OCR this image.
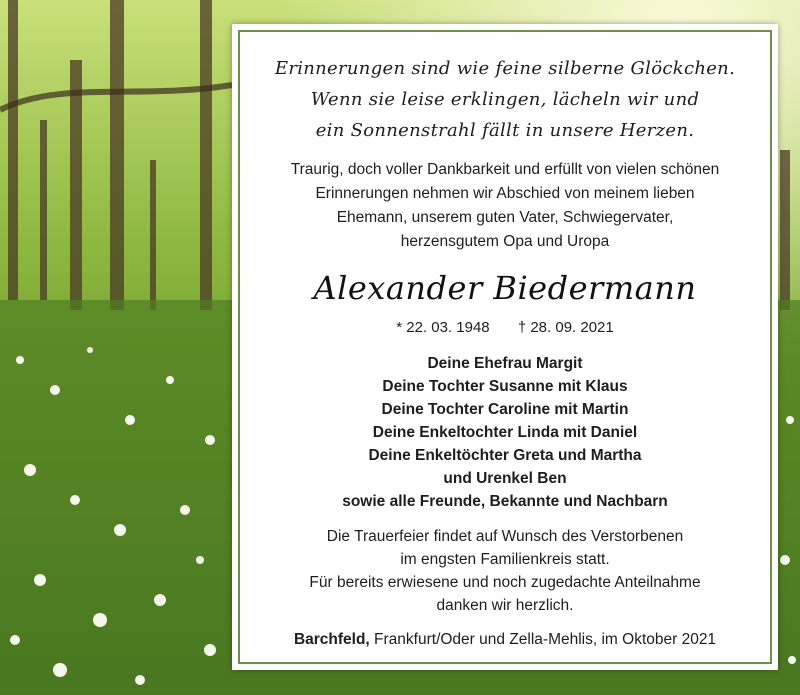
Erinnerungen sind wie feine silberne Glöckchen.
Wenn sie leise erklingen, lächeln wir und
ein Sonnenstrahl fällt in unsere Herzen.
Traurig, doch voller Dankbarkeit und erfüllt von vielen schönen
Erinnerungen nehmen wir Abschied von meinem lieben
Ehemann, unserem guten Vater, Schwiegervater,
herzensgutem Opa und Uropa
Alexander Biedermann
* 22. 03. 1948 † 28. 09. 2021
Deine Ehefrau Margit
Deine Tochter Susanne mit Klaus
Deine Tochter Caroline mit Martin
Deine Enkeltochter Linda mit Daniel
Deine Enkeltöchter Greta und Martha
und Urenkel Ben
sowie alle Freunde, Bekannte und Nachbarn
Die Trauerfeier findet auf Wunsch des Verstorbenen
im engsten Familienkreis statt.
Für bereits erwiesene und noch zugedachte Anteilnahme
danken wir herzlich.
Barchfeld, Frankfurt/Oder und Zella-Mehlis, im Oktober 2021
